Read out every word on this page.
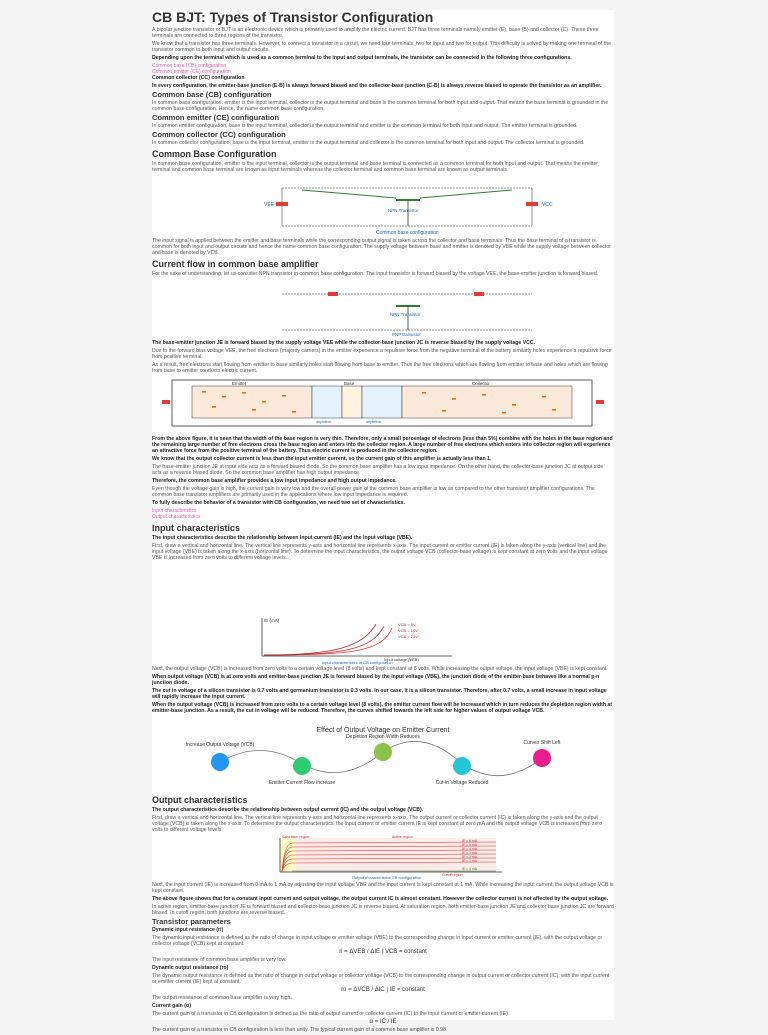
CB BJT: Types of Transistor Configuration

A bipolar junction transistor or BJT is an electronic device which is primarily used to amplify the electric current. BJT has three terminals namely emitter (E), base (B) and collector (C). These three terminals are connected to three regions of the transistor.

We know that a transistor has three terminals. However, to connect a transistor in a circuit, we need four terminals: two for input and two for output. This difficulty is solved by making one terminal of the transistor common to both input and output circuits.

Depending upon the terminal which is used as a common terminal to the input and output terminals, the transistor can be connected in the following three configurations.

Common base (CB) configuration
Common emitter (CE) configuration
Common collector (CC) configuration

In every configuration, the emitter-base junction (E-B) is always forward biased and the collector-base junction (C-B) is always reverse biased to operate the transistor as an amplifier.

Common base (CB) configuration

In common base configuration, emitter is the input terminal, collector is the output terminal and base is the common terminal for both input and output. That means the base terminal is grounded in the common base configuration. Hence, the name common base configuration.

Common emitter (CE) configuration

In common emitter configuration, base is the input terminal, collector is the output terminal and emitter is the common terminal for both input and output. The emitter terminal is grounded.

Common collector (CC) configuration

In common collector configuration, base is the input terminal, emitter is the output terminal and collector is the common terminal for both input and output. The collector terminal is grounded.

Common Base Configuration

In common base configuration, emitter is the input terminal, collector is the output terminal and base terminal is connected as a common terminal for both input and output. That means the emitter terminal and common base terminal are known as input terminals whereas the collector terminal and common base terminal are known as output terminals.

VEE	VCC
NPN Transistor
Common base configuration

The input signal is applied between the emitter and base terminals while the corresponding output signal is taken across the collector and base terminals. Thus the base terminal of a transistor is common for both input and output circuits and hence the name common base configuration. The supply voltage between base and emitter is denoted by VBE while the supply voltage between collector and base is denoted by VCB.

Current flow in common base amplifier

For the sake of understanding, let us consider NPN transistor in common base configuration. The input transistor is forward biased by the voltage VEE, the base-emitter junction is forward biased.

NPN Transistor
PNP transistor

The base-emitter junction JE is forward biased by the supply voltage VEE while the collector-base junction JC is reverse biased by the supply voltage VCC.

Due to the forward bias voltage VEE, the free electrons (majority carriers) in the emitter experience a repulsive force from the negative terminal of the battery similarly holes experience a repulsive force from positive terminal.

As a result, free electrons start flowing from emitter to base similarly holes start flowing from base to emitter. Thus the free electrons which are flowing from emitter to base and holes which are flowing from base to emitter conducts electric current.

Emitter	Base	Collector
depletion	depletion

From the above figure, it is seen that the width of the base region is very thin. Therefore, only a small percentage of electrons (less than 5%) combine with the holes in the base region and the remaining large number of free electrons cross the base region and enters into the collector region. A large number of free electrons which enters into collector region will experience an attractive force from the positive terminal of the battery. Thus electric current is produced in the collector region.

We know that the output collector current is less than the input emitter current, so the current gain of this amplifier is actually less than 1.

The base-emitter junction JE at input side acts as a forward biased diode. So the common base amplifier has a low input impedance. On the other hand, the collector-base junction JC at output side acts as a reverse biased diode. So the common base amplifier has high output impedance.

Therefore, the common base amplifier provides a low input impedance and high output impedance.

Even though the voltage gain is high, the current gain is very low and the overall power gain of the common base amplifier is low as compared to the other transistor amplifier configurations. The common base transistor amplifiers are primarily used in the applications where low input impedance is required.

To fully describe the behavior of a transistor with CB configuration, we need two set of characteristics.

Input characteristics
Output characteristics
Input characteristics

The input characteristics describe the relationship between input current (IE) and the input voltage (VBE).

First, draw a vertical and horizontal line. The vertical line represents y-axis and horizontal line represents x-axis. The input current or emitter current (IE) is taken along the y-axis (vertical line) and the input voltage (VBE) is taken along the x-axis (horizontal line). To determine the input characteristics, the output voltage VCB (collector-base voltage) is kept constant at zero volts and the input voltage VBE is increased from zero volts to different voltage levels.

IE (mA)
VCB = 0V
VCB = 10V
VCB = 20V
Input voltage (VEB)
Input characteristics of CB configuration

Next, the output voltage (VCB) is increased from zero volts to a certain voltage level (8 volts) and kept constant at 8 volts. While increasing the output voltage, the input voltage (VBE) is kept constant.

When output voltage (VCB) is at zero volts and emitter-base junction JE is forward biased by the input voltage (VBE), the junction diode of the emitter-base behaves like a normal p-n junction diode.

The cut in voltage of a silicon transistor is 0.7 volts and germanium transistor is 0.3 volts. In our case, it is a silicon transistor. Therefore, after 0.7 volts, a small increase in input voltage will rapidly increase the input current.

When the output voltage (VCB) is increased from zero volts to a certain voltage level (8 volts), the emitter current flow will be increased which in turn reduces the depletion region width at emitter-base junction. As a result, the cut in voltage will be reduced. Therefore, the curves shifted towards the left side for higher values of output voltage VCB.

Effect of Output Voltage on Emitter Current
Increase Output Voltage (VCB)
Emitter Current Flow Increase
Depletion Region Width Reduces
Cut-in Voltage Reduced
Curves Shift Left
Output characteristics

The output characteristics describe the relationship between output current (IC) and the output voltage (VCB).

First, draw a vertical and horizontal line. The vertical line represents y-axis and horizontal line represents x-axis. The output current or collector current (IC) is taken along the y-axis and the output voltage (VCB) is taken along the x-axis. To determine the output characteristics, the input current or emitter current IE is kept constant at zero mA and the output voltage VCB is increased from zero volts to different voltage levels.

Saturation region	Active region
Cutoff region
IE = 6 mA
IE = 5 mA
IE = 4 mA
IE = 3 mA
IE = 2 mA
IE = 1 mA
IE = 0 mA
Output characteristics CB configuration

Next, the input current (IE) is increased from 0 mA to 1 mA by adjusting the input voltage VBE and the input current is kept constant at 1 mA. While increasing the input current, the output voltage VCB is kept constant.

The above figure shows that for a constant input current and output voltage, the output current IC is almost constant. However the collector current is not affected by the output voltage.

In active region, emitter-base junction JE is forward biased and collector-base junction JC is reverse biased. At saturation region, both emitter-base junction JE and collector base junction JC are forward biased. In cutoff region, both junctions are reverse biased.

Transistor parameters
Dynamic input resistance (ri)

The dynamic input resistance is defined as the ratio of change in input voltage or emitter voltage (VBE) to the corresponding change in input current or emitter current (IE), with the output voltage or collector voltage (VCB) kept at constant.

ri = ΔVEB / ΔIE | VCB = constant

The input resistance of common base amplifier is very low.

Dynamic output resistance (ro)

The dynamic output resistance is defined as the ratio of change in output voltage or collector voltage (VCB) to the corresponding change in output current or collector current (IC), with the input current or emitter current (IE) kept at constant.

ro = ΔVCB / ΔIC | IE = constant

The output resistance of common base amplifier is very high.

Current gain (α)

The current gain of a transistor in CB configuration is defined as the ratio of output current or collector current (IC) to the input current or emitter current (IE).

α = IC / IE

The current gain of a transistor in CB configuration is less than unity. The typical current gain of a common base amplifier is 0.98.
